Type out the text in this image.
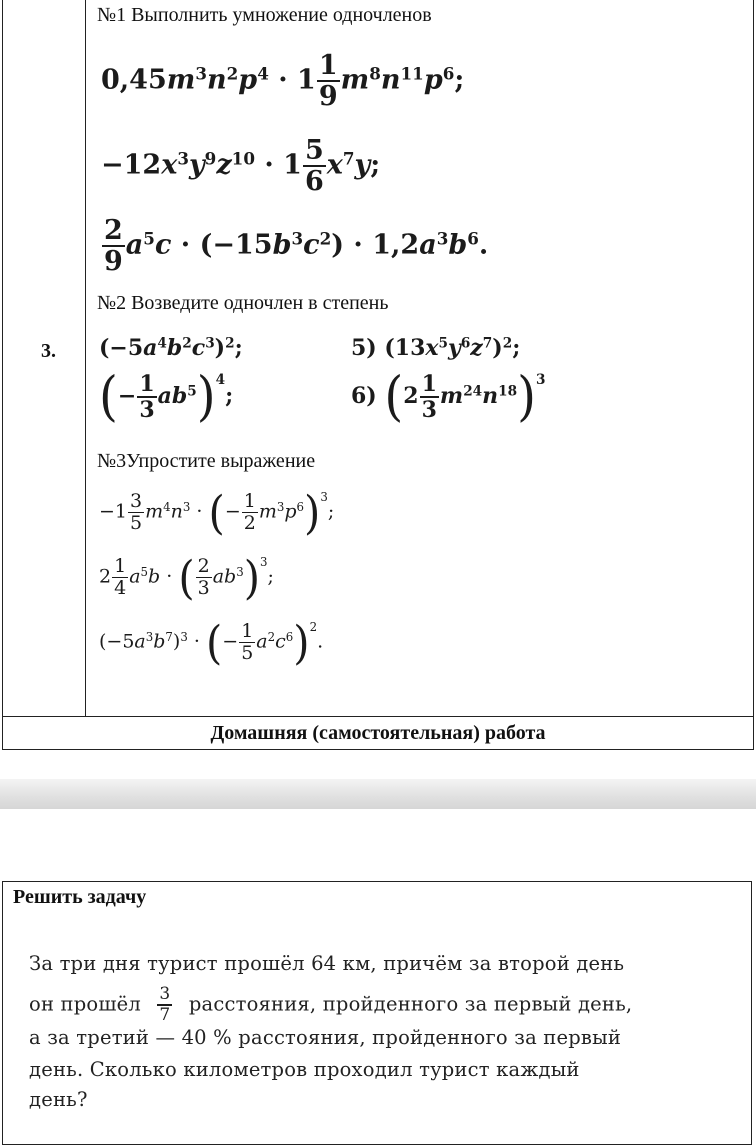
3.
№1 Выполнить умножение одночленов
$0,45m^3n^2p^4 \cdot 1 \frac{1}{9} m^8n^{11}p^6$;
$-12x^3y^9z^{10} \cdot 1 \frac{5}{6} x^7y$;
$\frac{2}{9} a^5c \cdot (-15b^3c^2) \cdot 1,2a^3b^6$.
№2 Возведите одночлен в степень
$(-5a^4b^2c^3)^2$;	5) $(13x^5y^6z^7)^2$;
(− $\frac{1}{3} ab^5)^4$;	6) $(2 \frac{1}{3} m^{24}n^{18})^3$
№3Упростите выражение
$-1 \frac{3}{5} m^4n^3$ · (− $\frac{1}{2} m^3p^6)^3$;
$2 \frac{1}{4} a^5b$ · ( $\frac{2}{3} ab^3)^3$;
$(-5a^3b^7)^3$ · (− $\frac{1}{5} a^2c^6)^2$.
Домашняя (самостоятельная) работа
Решить задачу
За три дня турист прошёл 64 км, причём за второй день
он прошёл $\frac{3}{7}$ расстояния, пройденного за первый день,
а за третий — 40 % расстояния, пройденного за первый
день. Сколько километров проходил турист каждый
день?
